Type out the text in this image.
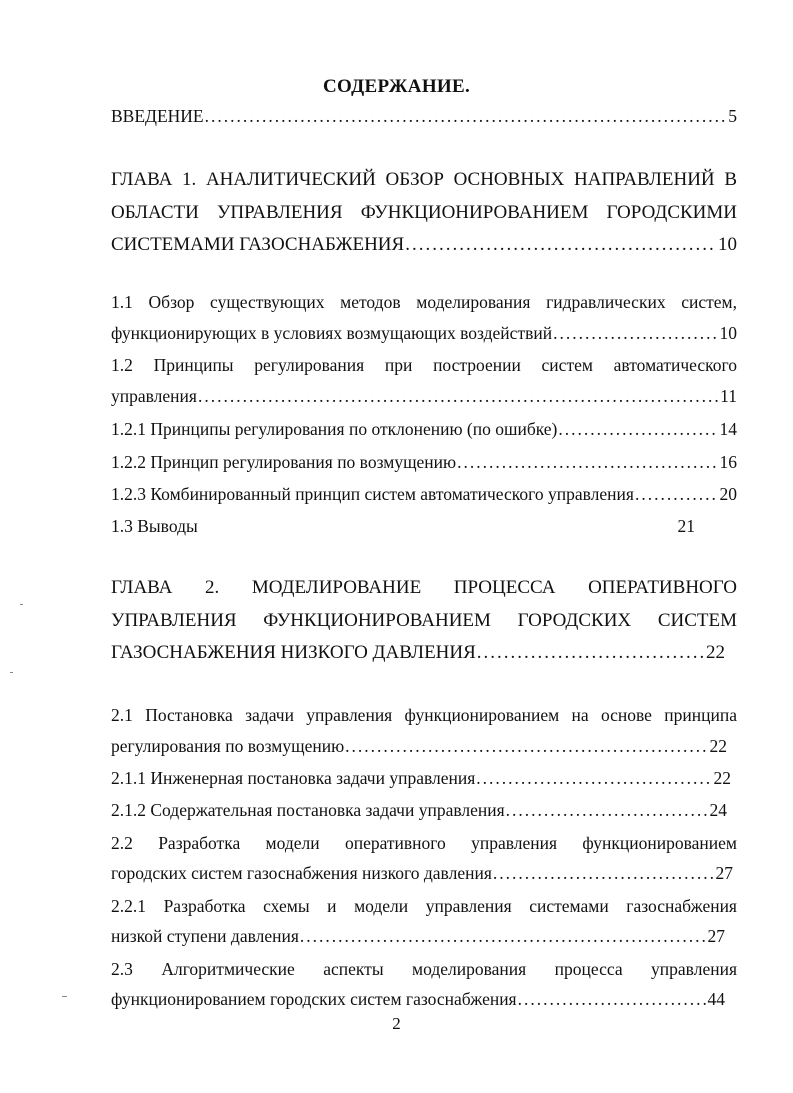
СОДЕРЖАНИЕ.
ВВЕДЕНИЕ .....	5
ГЛАВА 1. АНАЛИТИЧЕСКИЙ ОБЗОР ОСНОВНЫХ НАПРАВЛЕНИЙ В
ОБЛАСТИ УПРАВЛЕНИЯ ФУНКЦИОНИРОВАНИЕМ ГОРОДСКИМИ
СИСТЕМАМИ ГАЗОСНАБЖЕНИЯ .....	10
1.1 Обзор существующих методов моделирования гидравлических систем,
функционирующих в условиях возмущающих воздействий .....	10
1.2 Принципы регулирования при построении систем автоматического
управления .....	11
1.2.1 Принципы регулирования по отклонению (по ошибке) .....	14
1.2.2 Принцип регулирования по возмущению .....	16
1.2.3 Комбинированный принцип систем автоматического управления .....	20
1.3 Выводы	21
ГЛАВА 2. МОДЕЛИРОВАНИЕ ПРОЦЕССА ОПЕРАТИВНОГО
УПРАВЛЕНИЯ ФУНКЦИОНИРОВАНИЕМ ГОРОДСКИХ СИСТЕМ
ГАЗОСНАБЖЕНИЯ НИЗКОГО ДАВЛЕНИЯ .....	22
2.1 Постановка задачи управления функционированием на основе принципа
регулирования по возмущению .....	22
2.1.1 Инженерная постановка задачи управления .....	22
2.1.2 Содержательная постановка задачи управления .....	24
2.2 Разработка модели оперативного управления функционированием
городских систем газоснабжения низкого давления .....	27
2.2.1 Разработка схемы и модели управления системами газоснабжения
низкой ступени давления .....	27
2.3 Алгоритмические аспекты моделирования процесса управления
функционированием городских систем газоснабжения .....	44
2
